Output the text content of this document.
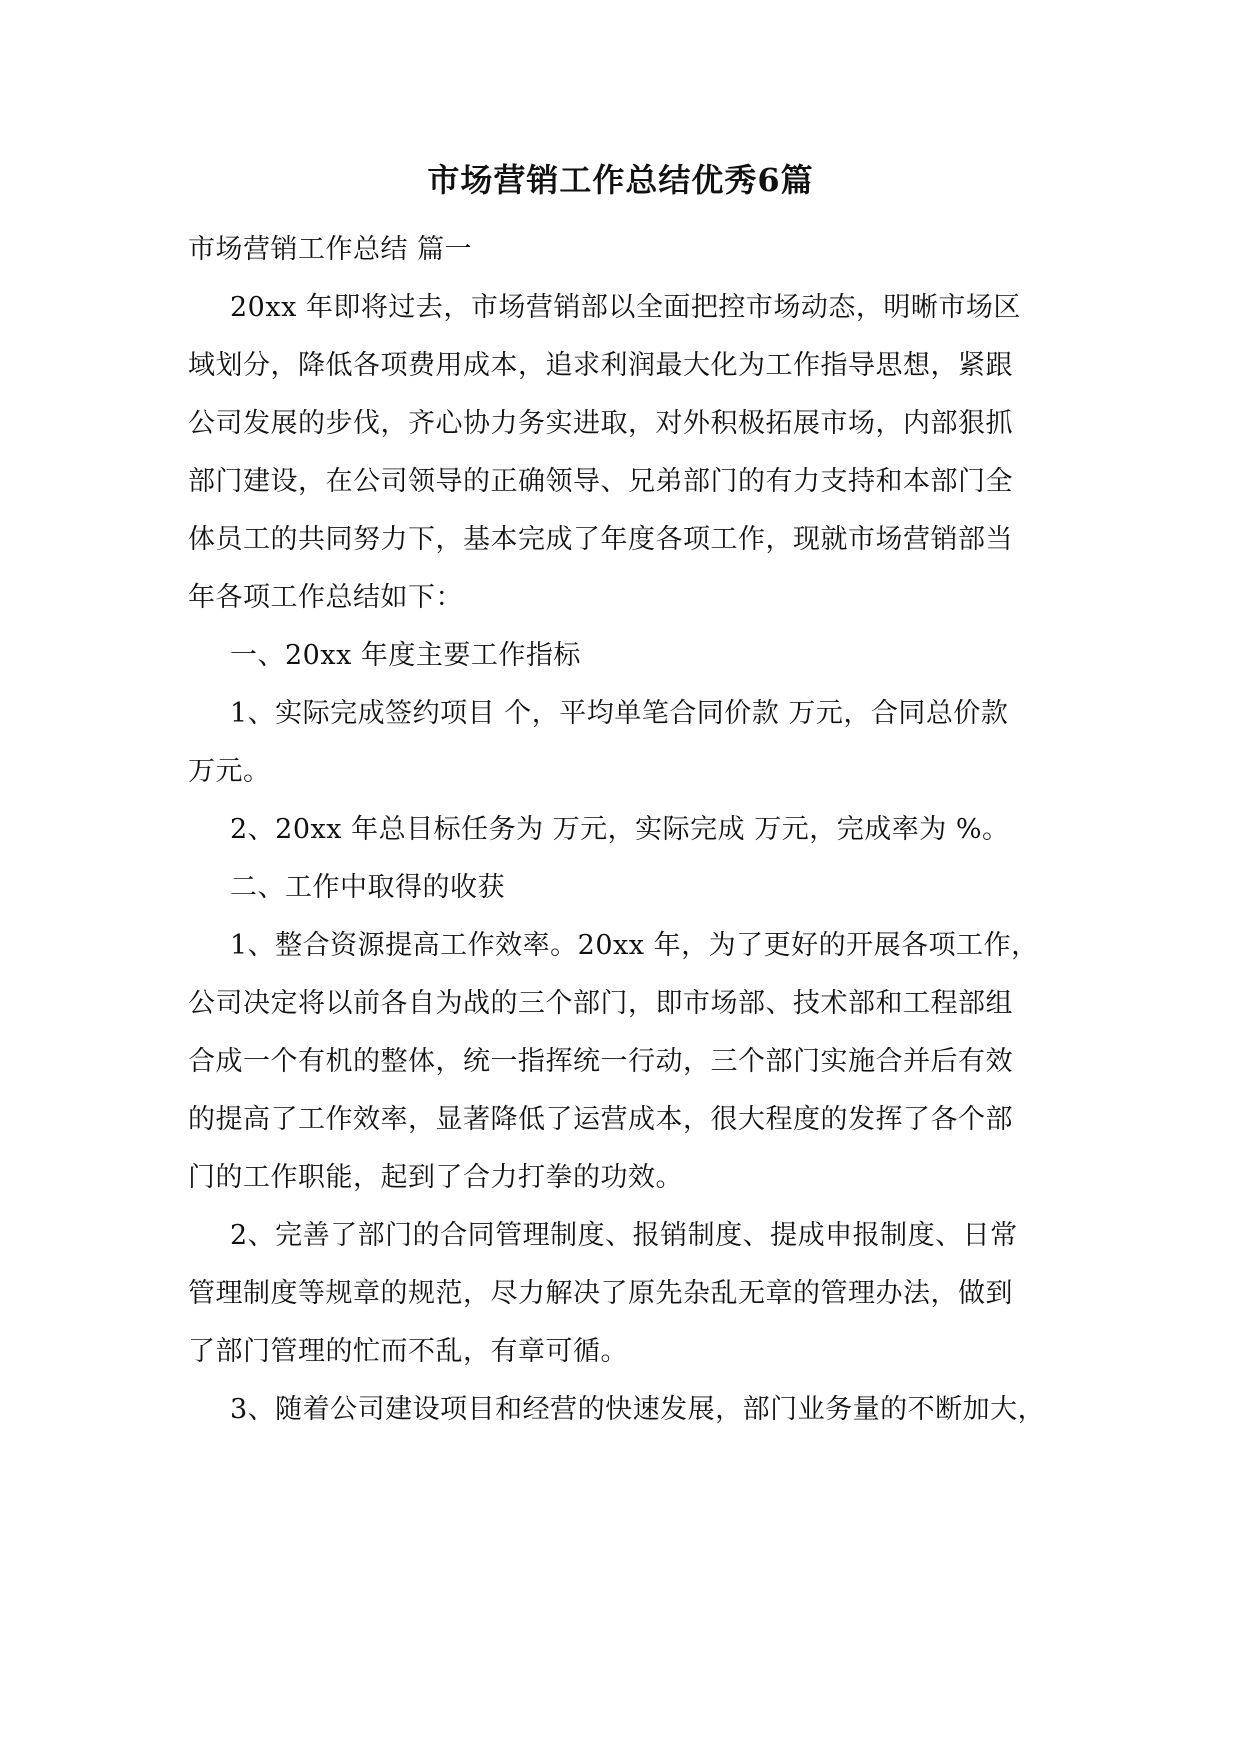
市场营销工作总结优秀6篇
市场营销工作总结 篇一
20xx 年即将过去，市场营销部以全面把控市场动态，明晰市场区
域划分，降低各项费用成本，追求利润最大化为工作指导思想，紧跟
公司发展的步伐，齐心协力务实进取，对外积极拓展市场，内部狠抓
部门建设，在公司领导的正确领导、兄弟部门的有力支持和本部门全
体员工的共同努力下，基本完成了年度各项工作，现就市场营销部当
年各项工作总结如下：
一、20xx 年度主要工作指标
1、实际完成签约项目 个，平均单笔合同价款 万元，合同总价款
万元。
2、20xx 年总目标任务为 万元，实际完成 万元，完成率为 %。
二、工作中取得的收获
1、整合资源提高工作效率。20xx 年，为了更好的开展各项工作，
公司决定将以前各自为战的三个部门，即市场部、技术部和工程部组
合成一个有机的整体，统一指挥统一行动，三个部门实施合并后有效
的提高了工作效率，显著降低了运营成本，很大程度的发挥了各个部
门的工作职能，起到了合力打拳的功效。
2、完善了部门的合同管理制度、报销制度、提成申报制度、日常
管理制度等规章的规范，尽力解决了原先杂乱无章的管理办法，做到
了部门管理的忙而不乱，有章可循。
3、随着公司建设项目和经营的快速发展，部门业务量的不断加大，
